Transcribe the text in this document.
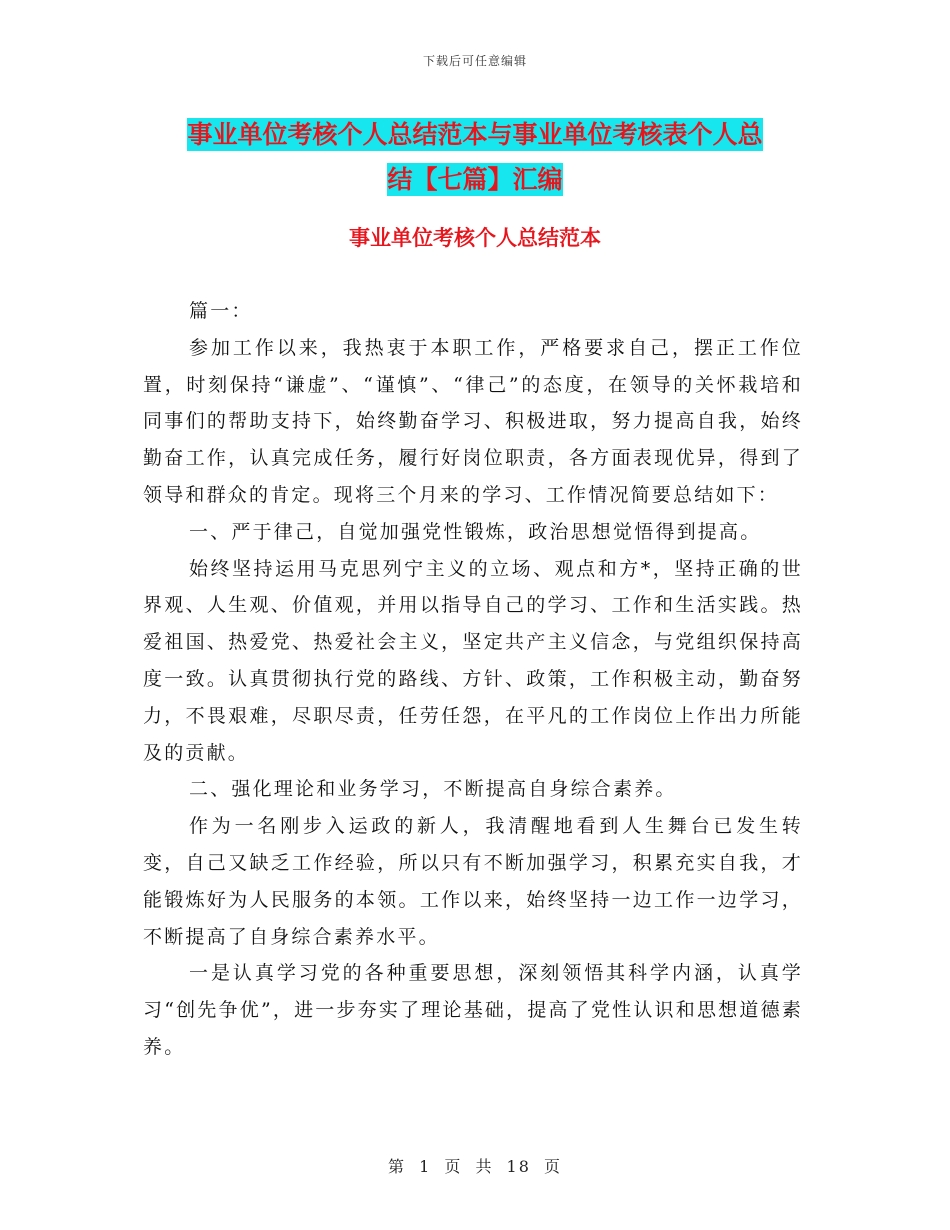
下载后可任意编辑
事业单位考核个人总结范本与事业单位考核表个人总
结【七篇】汇编
事业单位考核个人总结范本

篇一：

参加工作以来，我热衷于本职工作，严格要求自己，摆正工作位置，时刻保持“谦虚”、“谨慎”、“律己”的态度，在领导的关怀栽培和同事们的帮助支持下，始终勤奋学习、积极进取，努力提高自我，始终勤奋工作，认真完成任务，履行好岗位职责，各方面表现优异，得到了领导和群众的肯定。现将三个月来的学习、工作情况简要总结如下：

一、严于律己，自觉加强党性锻炼，政治思想觉悟得到提高。

始终坚持运用马克思列宁主义的立场、观点和方*，坚持正确的世界观、人生观、价值观，并用以指导自己的学习、工作和生活实践。热爱祖国、热爱党、热爱社会主义，坚定共产主义信念，与党组织保持高度一致。认真贯彻执行党的路线、方针、政策，工作积极主动，勤奋努力，不畏艰难，尽职尽责，任劳任怨，在平凡的工作岗位上作出力所能及的贡献。

二、强化理论和业务学习，不断提高自身综合素养。

作为一名刚步入运政的新人，我清醒地看到人生舞台已发生转变，自己又缺乏工作经验，所以只有不断加强学习，积累充实自我，才能锻炼好为人民服务的本领。工作以来，始终坚持一边工作一边学习，不断提高了自身综合素养水平。

一是认真学习党的各种重要思想，深刻领悟其科学内涵，认真学习“创先争优”，进一步夯实了理论基础，提高了党性认识和思想道德素养。

第 1 页 共 18 页
